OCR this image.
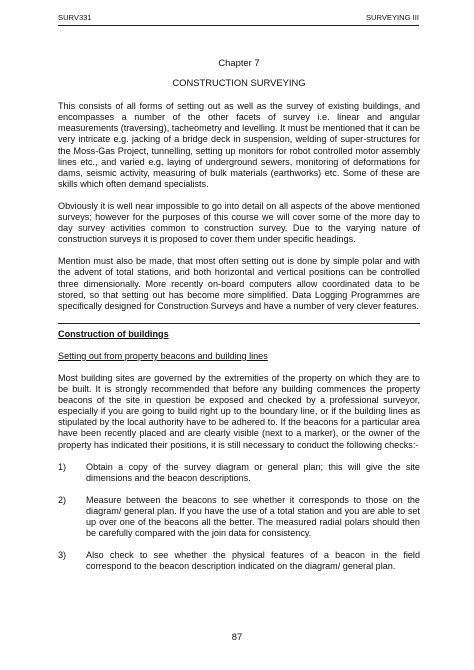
SURV331	SURVEYING III
Chapter 7
CONSTRUCTION SURVEYING

This consists of all forms of setting out as well as the survey of existing buildings, and encompasses a number of the other facets of survey i.e. linear and angular measurements (traversing), tacheometry and levelling. It must be mentioned that it can be very intricate e.g. jacking of a bridge deck in suspension, welding of super-structures for the Moss-Gas Project, tunnelling, setting up monitors for robot controlled motor assembly lines etc., and varied e.g. laying of underground sewers, monitoring of deformations for dams, seismic activity, measuring of bulk materials (earthworks) etc. Some of these are skills which often demand specialists.

Obviously it is well near impossible to go into detail on all aspects of the above mentioned surveys; however for the purposes of this course we will cover some of the more day to day survey activities common to construction survey. Due to the varying nature of construction surveys it is proposed to cover them under specific headings.

Mention must also be made, that most often setting out is done by simple polar and with the advent of total stations, and both horizontal and vertical positions can be controlled three dimensionally. More recently on-board computers allow coordinated data to be stored, so that setting out has become more simplified. Data Logging Programmes are specifically designed for Construction Surveys and have a number of very clever features.

Construction of buildings
Setting out from property beacons and building lines

Most building sites are governed by the extremities of the property on which they are to be built. It is strongly recommended that before any building commences the property beacons of the site in question be exposed and checked by a professional surveyor, especially if you are going to build right up to the boundary line, or if the building lines as stipulated by the local authority have to be adhered to. If the beacons for a particular area have been recently placed and are clearly visible (next to a marker), or the owner of the property has indicated their positions, it is still necessary to conduct the following checks:-

1)	Obtain a copy of the survey diagram or general plan; this will give the site dimensions and the beacon descriptions.
2)	Measure between the beacons to see whether it corresponds to those on the diagram/ general plan. If you have the use of a total station and you are able to set up over one of the beacons all the better. The measured radial polars should then be carefully compared with the join data for consistency.
3)	Also check to see whether the physical features of a beacon in the field correspond to the beacon description indicated on the diagram/ general plan.
87
